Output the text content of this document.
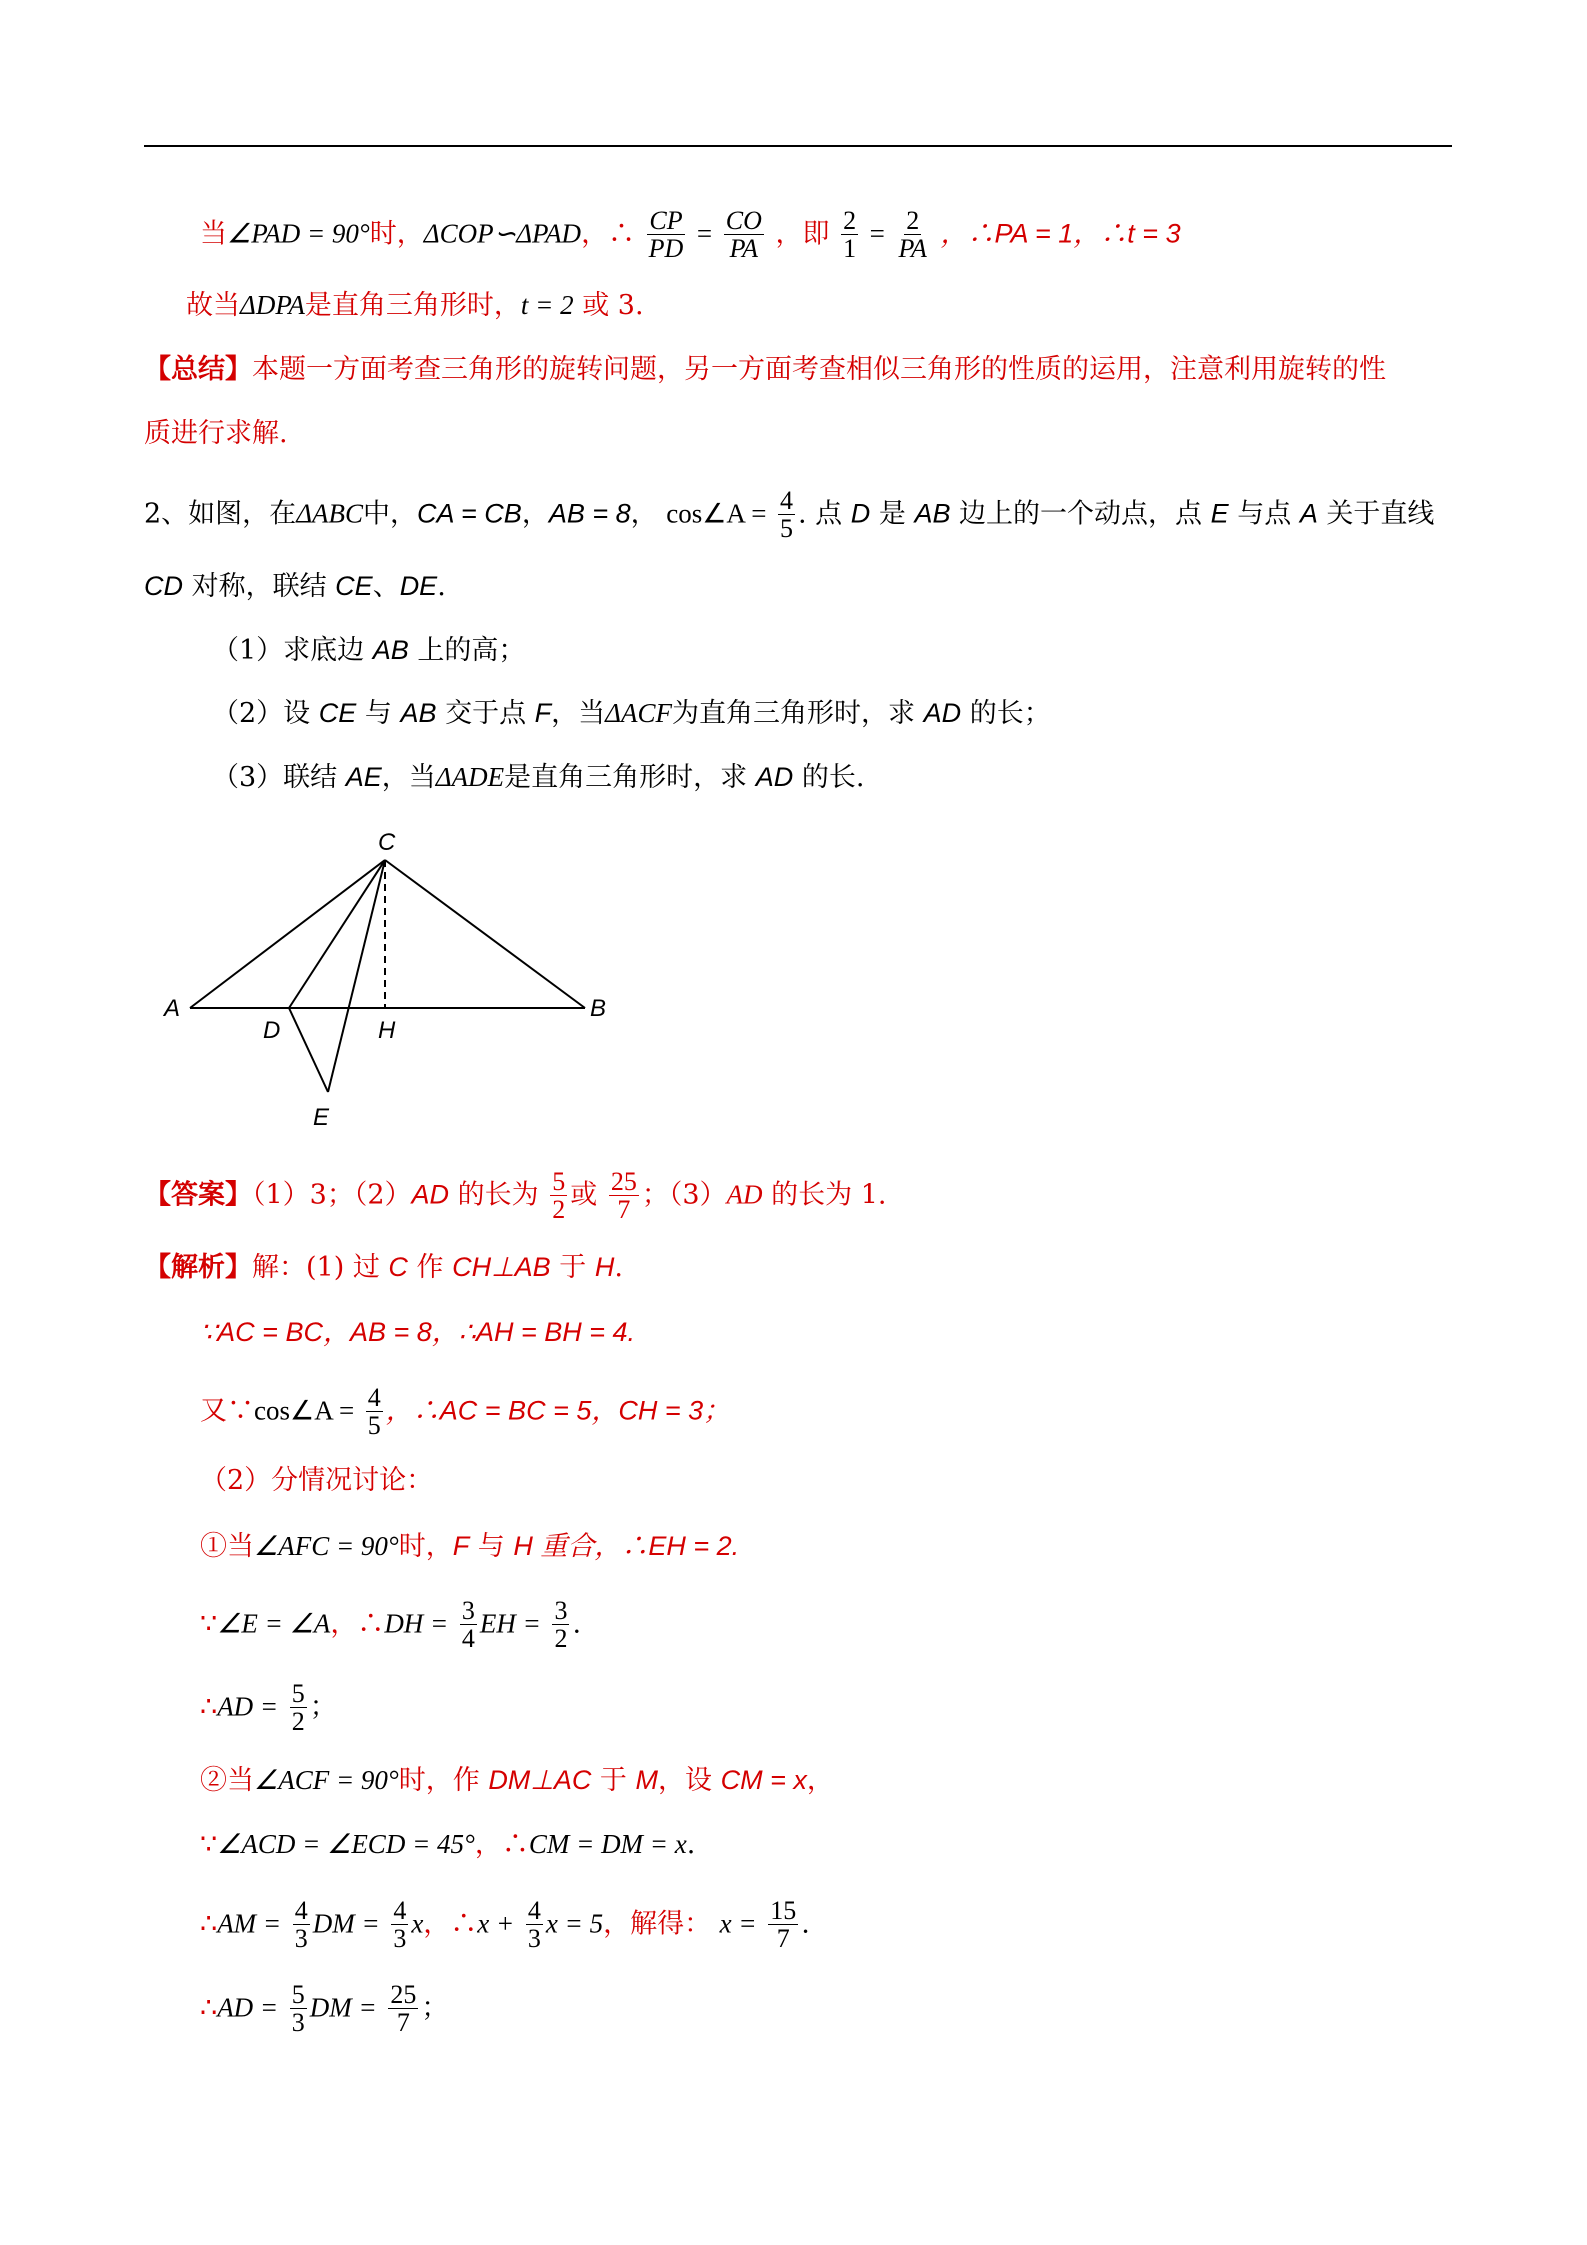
当∠PAD = 90°时，ΔCOP∽ΔPAD，∴ $\frac{CP}{PD} = \frac{CO}{PA}$ ，即 $\frac{2}{1} = \frac{2}{PA}$ ，∴PA = 1，∴t = 3
故当ΔDPA是直角三角形时，t = 2 或 3.
【总结】本题一方面考查三角形的旋转问题，另一方面考查相似三角形的性质的运用，注意利用旋转的性
质进行求解.
2、如图，在ΔABC中，CA = CB，AB = 8， cos∠A = $\frac{4}{5}$ . 点 D 是 AB 边上的一个动点，点 E 与点 A 关于直线
CD 对称，联结 CE、DE.
（1）求底边 AB 上的高；
（2）设 CE 与 AB 交于点 F，当ΔACF为直角三角形时，求 AD 的长；
（3）联结 AE，当ΔADE是直角三角形时，求 AD 的长.
C
A	B
D	H
E
【答案】（1）3；（2）AD 的长为 $\frac{5}{2}$ 或 $\frac{25}{7}$ ；（3）AD 的长为 1.
【解析】解：(1) 过 C 作 CH⊥AB 于 H.
∵AC = BC，AB = 8，∴AH = BH = 4.
又∵cos∠A = $\frac{4}{5}$ ，∴AC = BC = 5，CH = 3；
（2）分情况讨论：
①当∠AFC = 90°时，F 与 H 重合，∴EH = 2.
∵∠E = ∠A，∴DH = $\frac{3}{4}$ EH = $\frac{3}{2}$ .
∴AD = $\frac{5}{2}$ ；
②当∠ACF = 90°时，作 DM⊥AC 于 M，设 CM = x，
∵∠ACD = ∠ECD = 45°，∴CM = DM = x.
∴AM = $\frac{4}{3}$ DM = $\frac{4}{3}$ x，∴x + $\frac{4}{3}$ x = 5，解得： $x = \frac{15}{7}$ .
∴AD = $\frac{5}{3}$ DM = $\frac{25}{7}$ ；
